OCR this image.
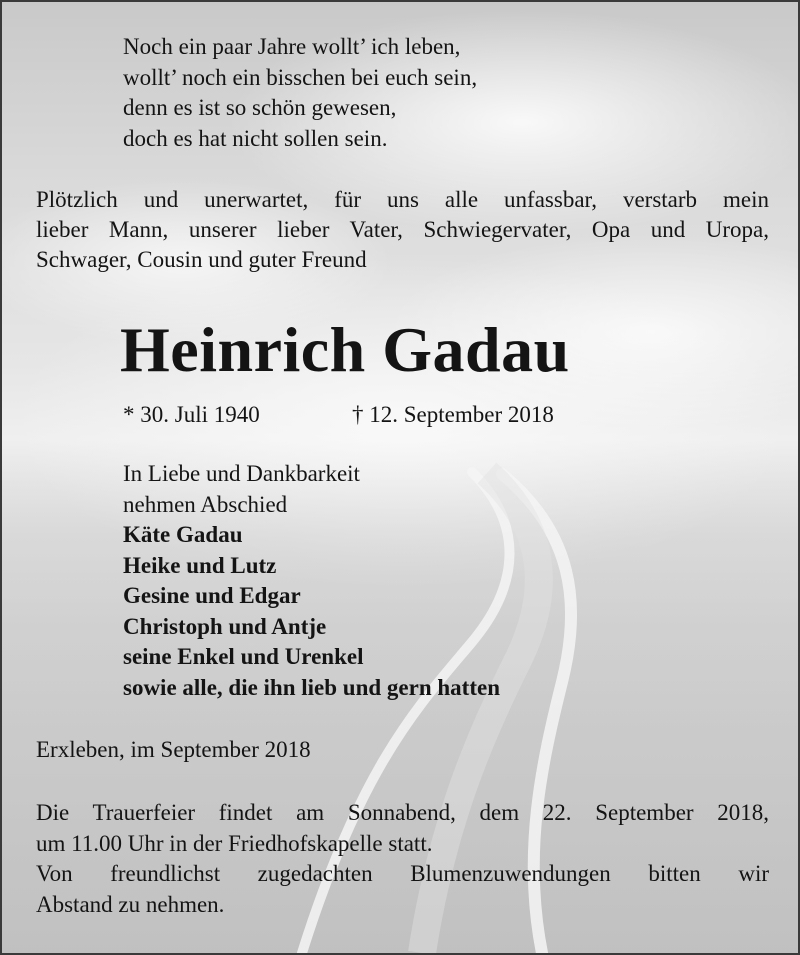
Noch ein paar Jahre wollt’ ich leben,
wollt’ noch ein bisschen bei euch sein,
denn es ist so schön gewesen,
doch es hat nicht sollen sein.
Plötzlich und unerwartet, für uns alle unfassbar, verstarb mein
lieber Mann, unserer lieber Vater, Schwiegervater, Opa und Uropa,
Schwager, Cousin und guter Freund
Heinrich Gadau
* 30. Juli 1940	† 12. September 2018
In Liebe und Dankbarkeit
nehmen Abschied
Käte Gadau
Heike und Lutz
Gesine und Edgar
Christoph und Antje
seine Enkel und Urenkel
sowie alle, die ihn lieb und gern hatten
Erxleben, im September 2018
Die Trauerfeier findet am Sonnabend, dem 22. September 2018,
um 11.00 Uhr in der Friedhofskapelle statt.
Von freundlichst zugedachten Blumenzuwendungen bitten wir
Abstand zu nehmen.
